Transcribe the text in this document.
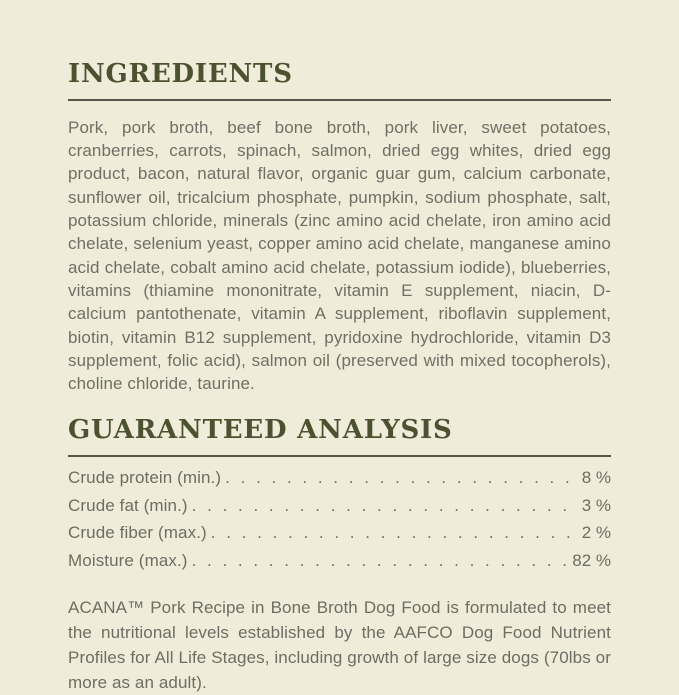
INGREDIENTS

Pork, pork broth, beef bone broth, pork liver, sweet potatoes, cranberries, carrots, spinach, salmon, dried egg whites, dried egg product, bacon, natural flavor, organic guar gum, calcium carbonate, sunflower oil, tricalcium phosphate, pumpkin, sodium phosphate, salt, potassium chloride, minerals (zinc amino acid chelate, iron amino acid chelate, selenium yeast, copper amino acid chelate, manganese amino acid chelate, cobalt amino acid chelate, potassium iodide), blueberries, vitamins (thiamine mononitrate, vitamin E supplement, niacin, D-calcium pantothenate, vitamin A supplement, riboflavin supplement, biotin, vitamin B12 supplement, pyridoxine hydrochloride, vitamin D3 supplement, folic acid), salmon oil (preserved with mixed tocopherols), choline chloride, taurine.

GUARANTEED ANALYSIS
Crude protein (min.) . . .	8 %
Crude fat (min.) . . .	3 %
Crude fiber (max.) . . .	2 %
Moisture (max.) . . .	82 %

ACANA™ Pork Recipe in Bone Broth Dog Food is formulated to meet the nutritional levels established by the AAFCO Dog Food Nutrient Profiles for All Life Stages, including growth of large size dogs (70lbs or more as an adult).
